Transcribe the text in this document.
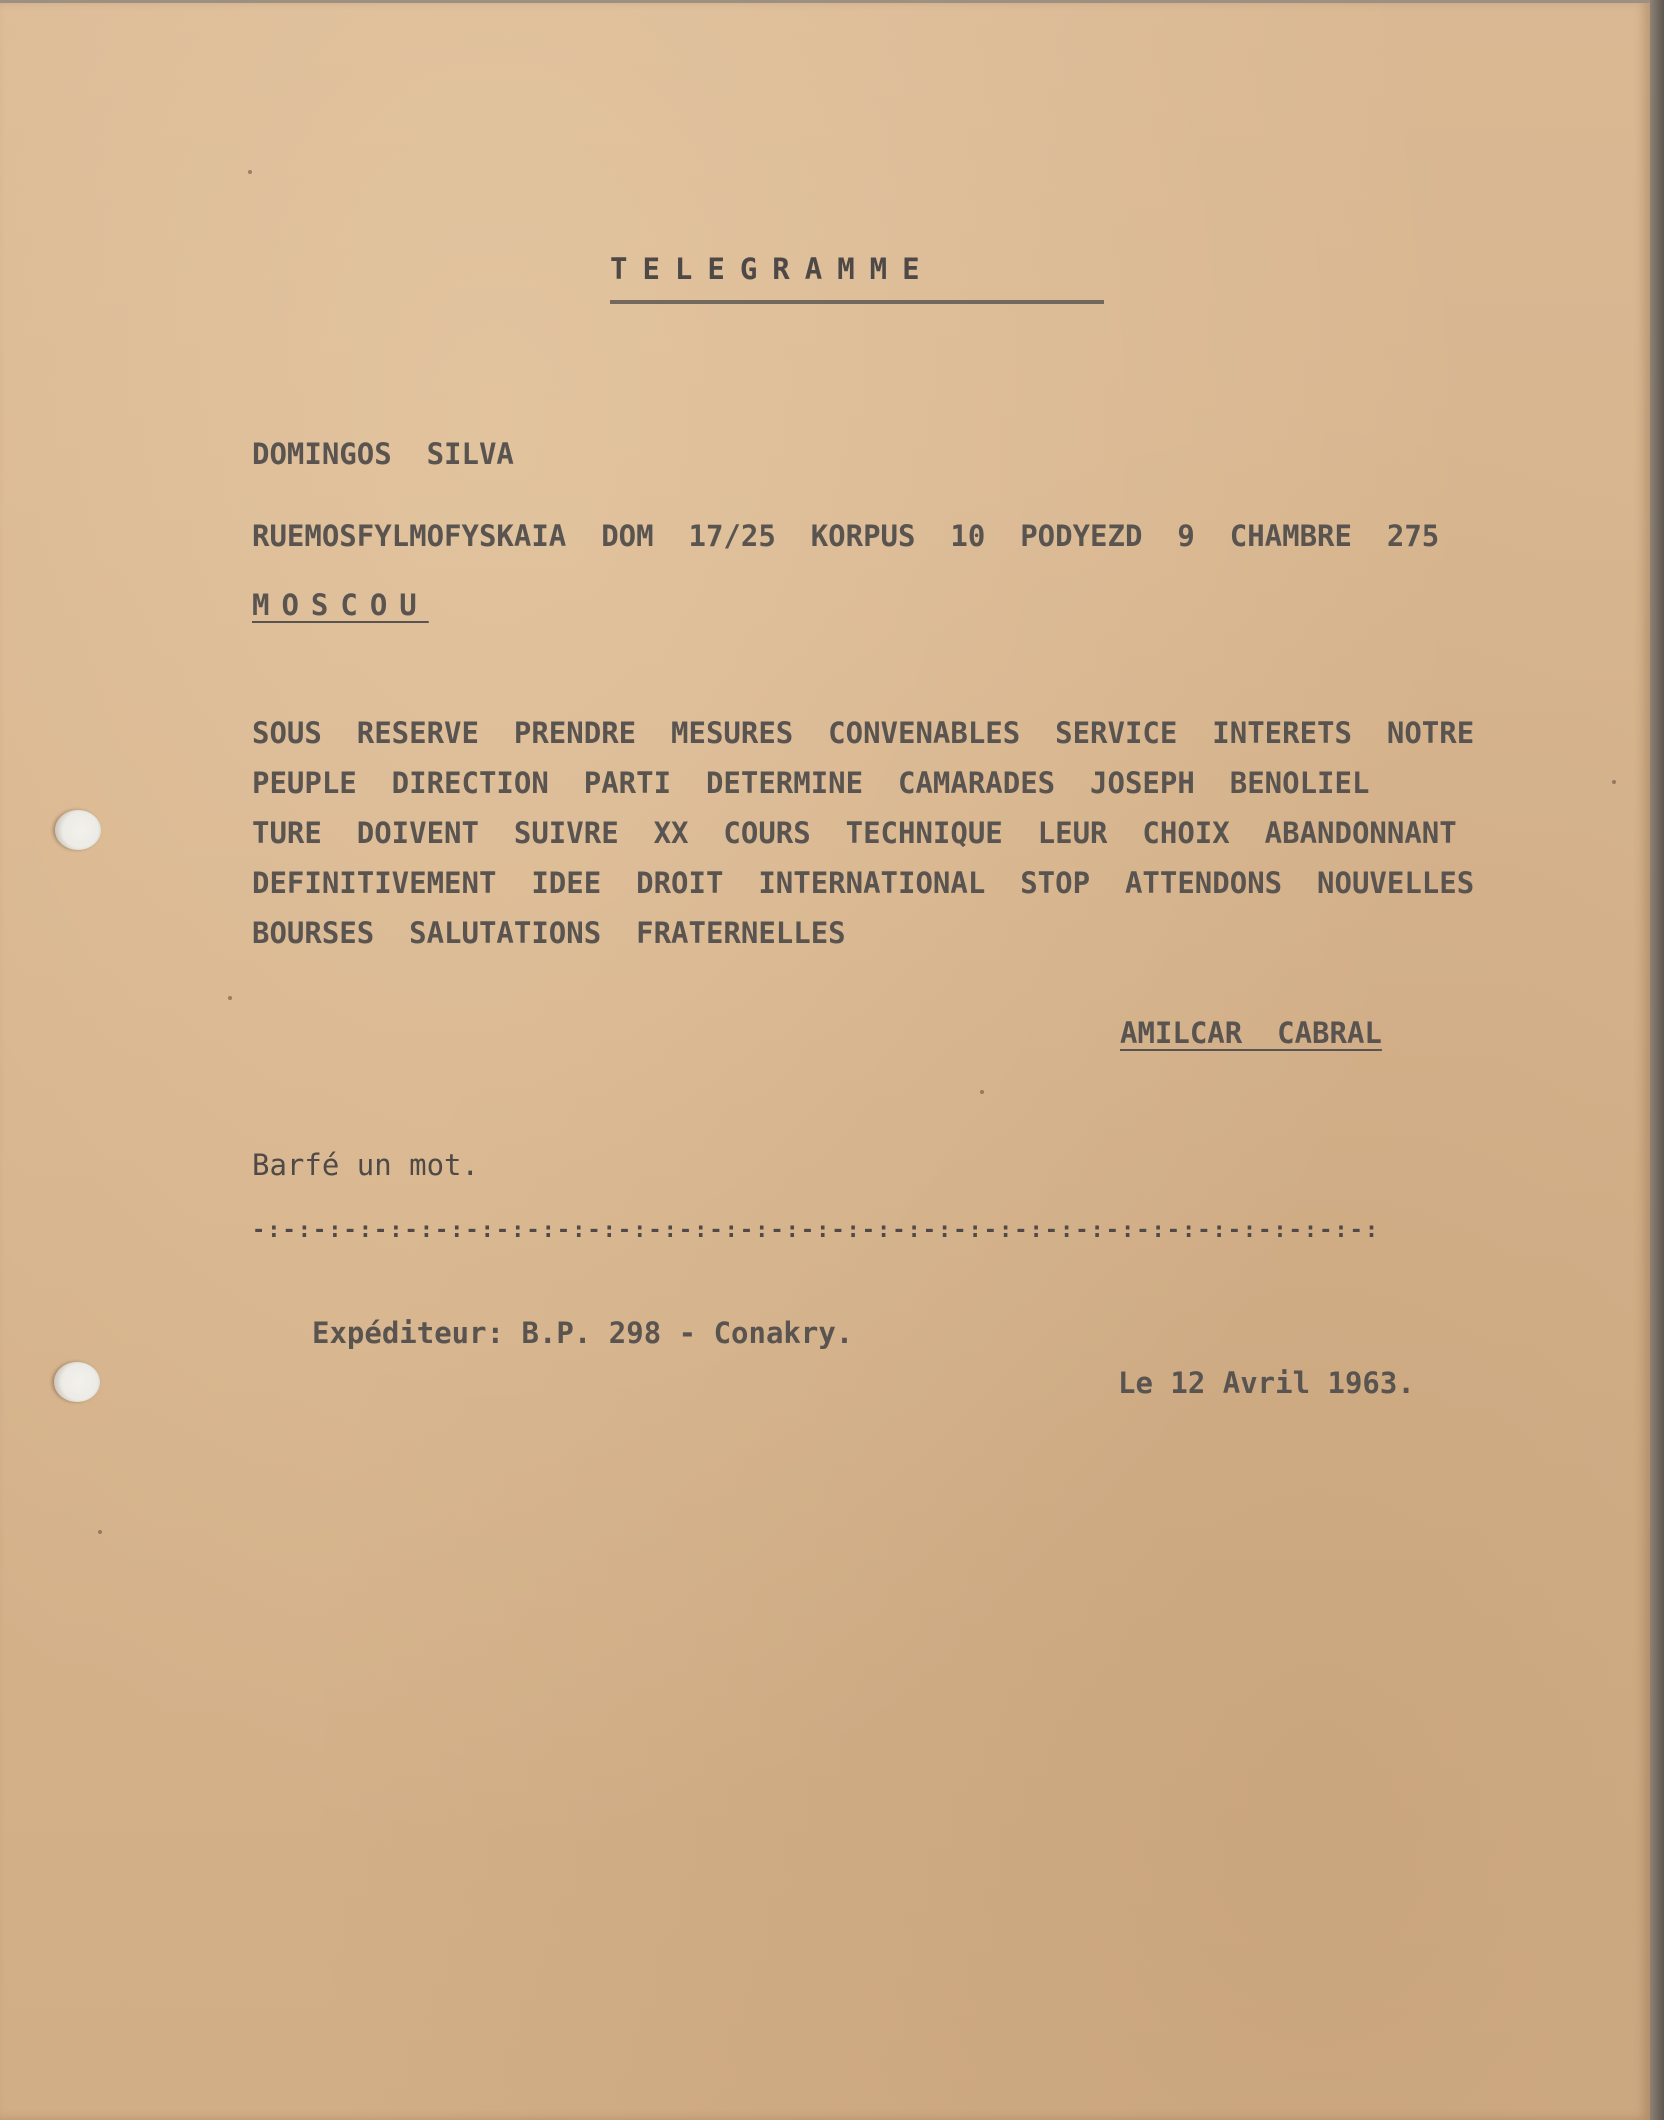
TELEGRAMME
DOMINGOS  SILVA
RUEMOSFYLMOFYSKAIA  DOM  17/25  KORPUS  10  PODYEZD  9  CHAMBRE  275
MOSCOU
SOUS  RESERVE  PRENDRE  MESURES  CONVENABLES  SERVICE  INTERETS  NOTRE
PEUPLE  DIRECTION  PARTI  DETERMINE  CAMARADES  JOSEPH  BENOLIEL
TURE  DOIVENT  SUIVRE  XX  COURS  TECHNIQUE  LEUR  CHOIX  ABANDONNANT
DEFINITIVEMENT  IDEE  DROIT  INTERNATIONAL  STOP  ATTENDONS  NOUVELLES
BOURSES  SALUTATIONS  FRATERNELLES
AMILCAR  CABRAL
Barfé un mot.
-:-:-:-:-:-:-:-:-:-:-:-:-:-:-:-:-:-:-:-:-:-:-:-:-:-:-:-:-:-:-:-:-:-:-:-:-:
Expéditeur: B.P. 298 - Conakry.
Le 12 Avril 1963.
